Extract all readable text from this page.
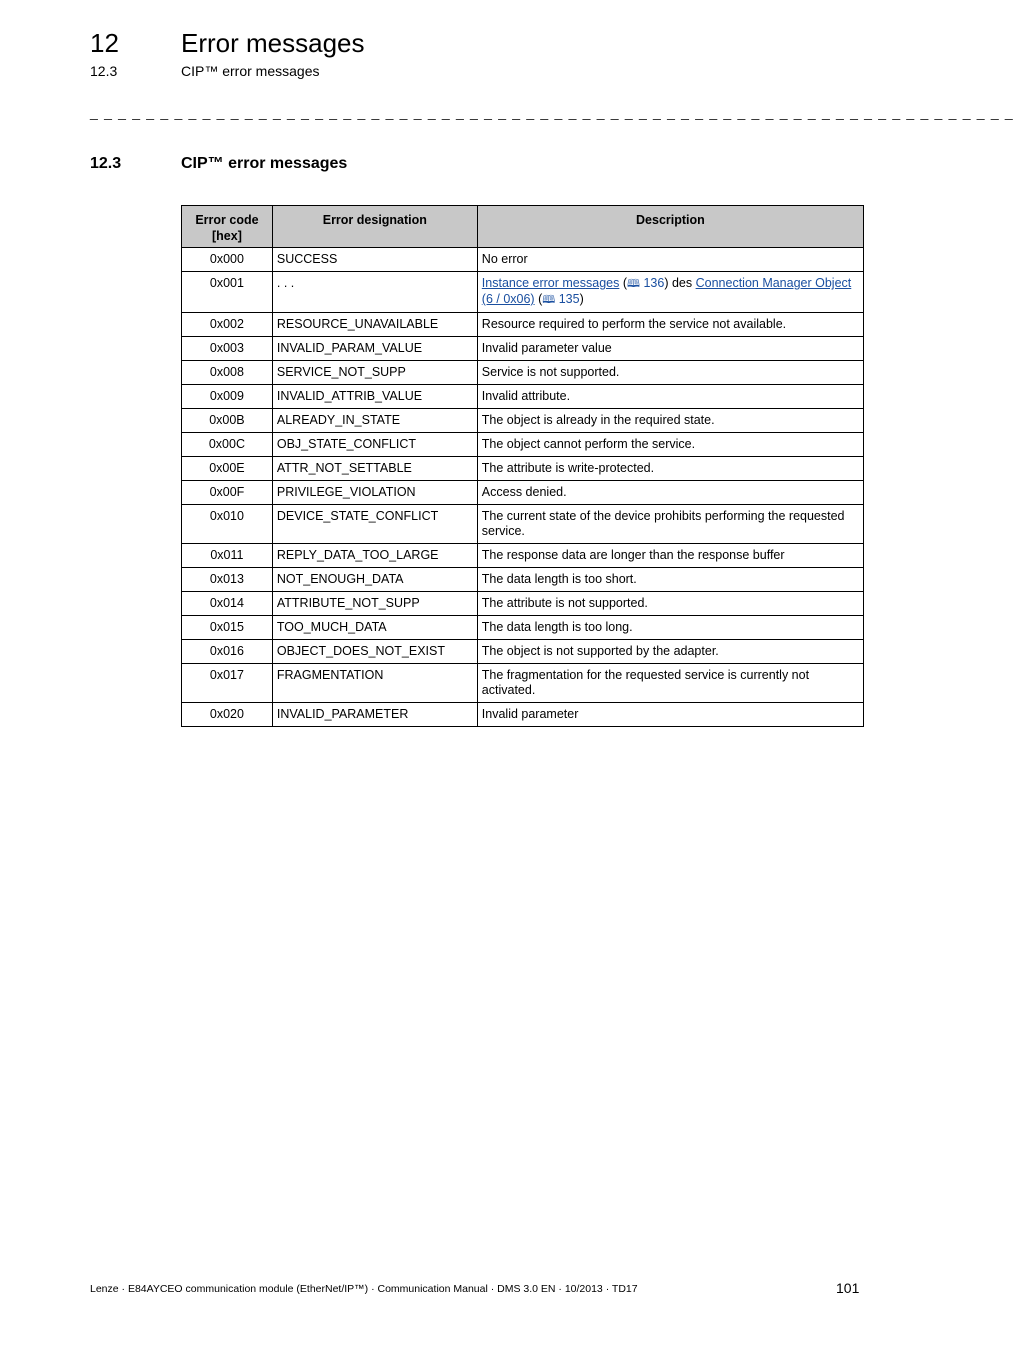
12 Error messages
12.3	CIP™ error messages
_ _ _ _ _ _ _ _ _ _ _ _ _ _ _ _ _ _ _ _ _ _ _ _ _ _ _ _ _ _ _ _ _ _ _ _ _ _ _ _ _ _ _ _ _ _ _ _ _ _ _ _ _ _ _ _ _ _ _ _ _ _ _ _ _ _
12.3	CIP™ error messages
Error code [hex]	Error designation	Description
0x000	SUCCESS	No error
0x001	. . .	Instance error messages (🕮 136) des Connection Manager Object (6 / 0x06) (🕮 135)
0x002	RESOURCE_UNAVAILABLE	Resource required to perform the service not available.
0x003	INVALID_PARAM_VALUE	Invalid parameter value
0x008	SERVICE_NOT_SUPP	Service is not supported.
0x009	INVALID_ATTRIB_VALUE	Invalid attribute.
0x00B	ALREADY_IN_STATE	The object is already in the required state.
0x00C	OBJ_STATE_CONFLICT	The object cannot perform the service.
0x00E	ATTR_NOT_SETTABLE	The attribute is write-protected.
0x00F	PRIVILEGE_VIOLATION	Access denied.
0x010	DEVICE_STATE_CONFLICT	The current state of the device prohibits performing the requested service.
0x011	REPLY_DATA_TOO_LARGE	The response data are longer than the response buffer
0x013	NOT_ENOUGH_DATA	The data length is too short.
0x014	ATTRIBUTE_NOT_SUPP	The attribute is not supported.
0x015	TOO_MUCH_DATA	The data length is too long.
0x016	OBJECT_DOES_NOT_EXIST	The object is not supported by the adapter.
0x017	FRAGMENTATION	The fragmentation for the requested service is currently not activated.
0x020	INVALID_PARAMETER	Invalid parameter
Lenze · E84AYCEO communication module (EtherNet/IP™) · Communication Manual · DMS 3.0 EN · 10/2013 · TD17	101
